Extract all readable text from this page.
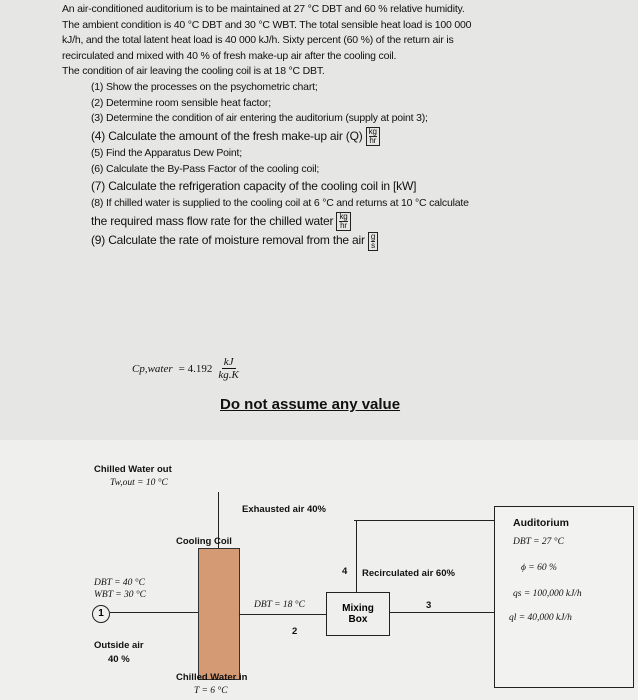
An air-conditioned auditorium is to be maintained at 27 °C DBT and 60 % relative humidity.

The ambient condition is 40 °C DBT and 30 °C WBT. The total sensible heat load is 100 000

kJ/h, and the total latent heat load is 40 000 kJ/h. Sixty percent (60 %) of the return air is

recirculated and mixed with 40 % of fresh make-up air after the cooling coil.

The condition of air leaving the cooling coil is at 18 °C DBT.

(1) Show the processes on the psychometric chart;

(2) Determine room sensible heat factor;

(3) Determine the condition of air entering the auditorium (supply at point 3);

(4) Calculate the amount of the fresh make-up air $(Q) \frac{kg}{hr}$

(5) Find the Apparatus Dew Point;

(6) Calculate the By-Pass Factor of the cooling coil;

(7) Calculate the refrigeration capacity of the cooling coil in [kW]

(8) If chilled water is supplied to the cooling coil at 6 °C and returns at 10 °C calculate

the required mass flow rate for the chilled water $\frac{kg}{hr}$

(9) Calculate the rate of moisture removal from the air $\frac{g}{s}$

Cp,water = $4.192 \frac{kJ}{kg.K}$
Do not assume any value
Chilled Water out
Tw,out = 10 °C
Exhausted air 40%
Cooling Coil
4 Recirculated air 60%
DBT = 40 °C
WBT = 30 °C
1
DBT = 18 °C
2
Mixing
Box
3
Outside air
40 %
Chilled Water in
T = 6 °C
Auditorium
DBT = 27 °C
ϕ = 60 %
qs = 100,000 kJ/h
ql = 40,000 kJ/h
